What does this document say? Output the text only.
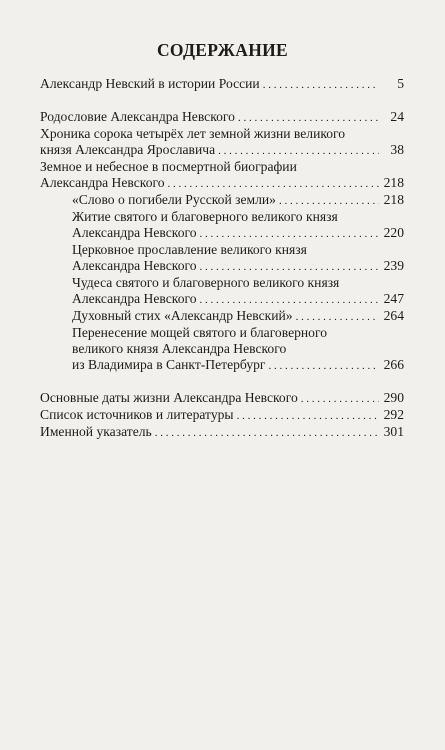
СОДЕРЖАНИЕ
Александр Невский в истории России . . .	5
Родословие Александра Невского . . .	24
Хроника сорока четырёх лет земной жизни великого
князя Александра Ярославича . . .	38
Земное и небесное в посмертной биографии
Александра Невского . . .	218
«Слово о погибели Русской земли» . . .	218
Житие святого и благоверного великого князя
Александра Невского . . .	220
Церковное прославление великого князя
Александра Невского . . .	239
Чудеса святого и благоверного великого князя
Александра Невского . . .	247
Духовный стих «Александр Невский» . . .	264
Перенесение мощей святого и благоверного
великого князя Александра Невского
из Владимира в Санкт-Петербург . . .	266
Основные даты жизни Александра Невского . . .	290
Список источников и литературы . . .	292
Именной указатель . . .	301
